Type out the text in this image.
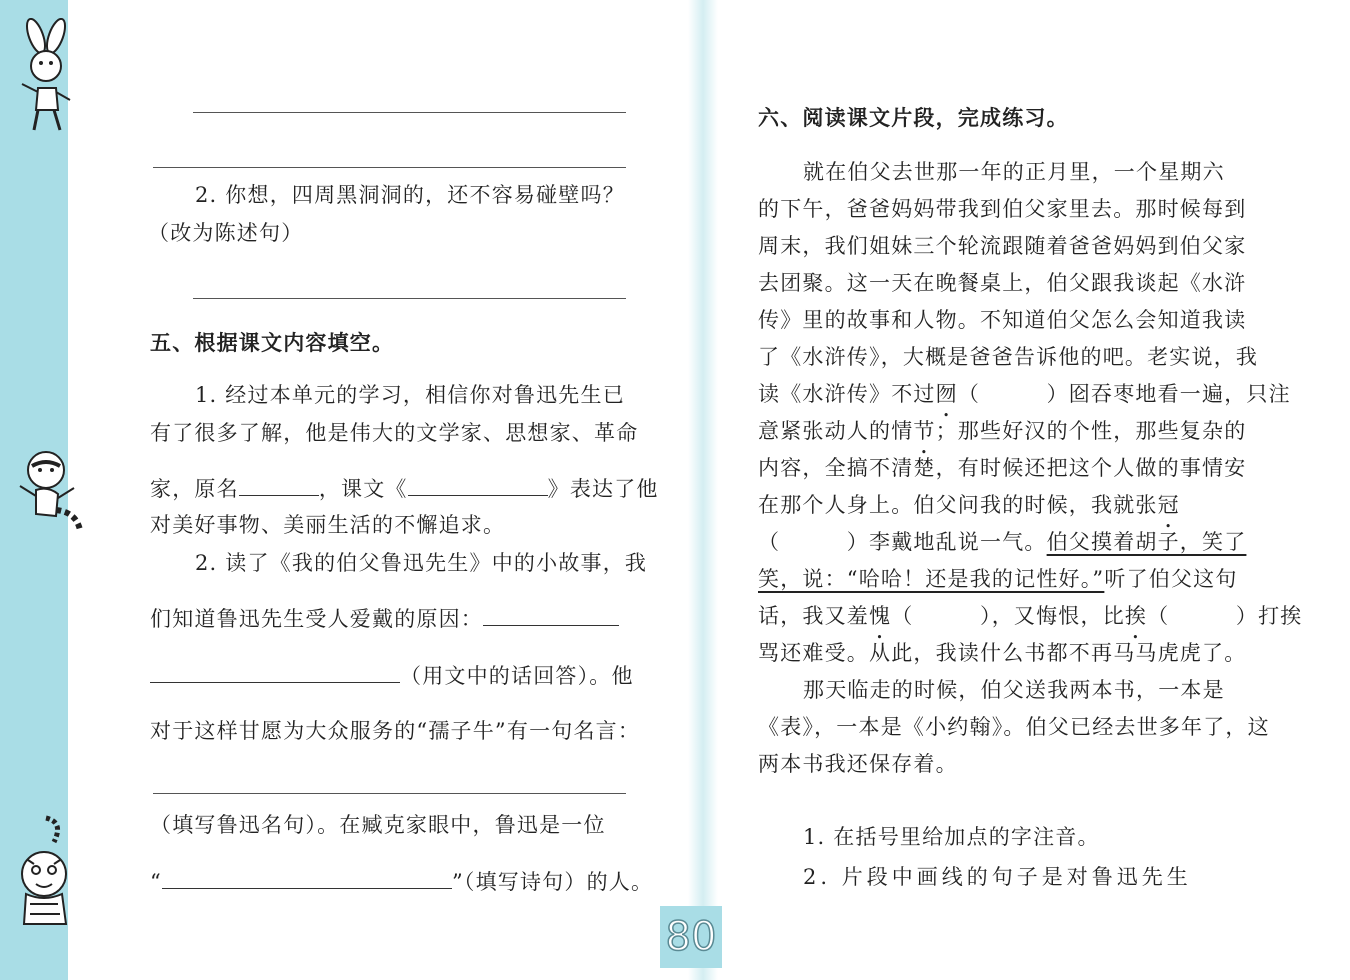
2. 你想，四周黑洞洞的，还不容易碰壁吗？
（改为陈述句）
五、根据课文内容填空。
1. 经过本单元的学习，相信你对鲁迅先生已
有了很多了解，他是伟大的文学家、思想家、革命
家，原名	，课文《	》表达了他
对美好事物、美丽生活的不懈追求。
2. 读了《我的伯父鲁迅先生》中的小故事，我
们知道鲁迅先生受人爱戴的原因：
（用文中的话回答）。他
对于这样甘愿为大众服务的“孺子牛”有一句名言：
（填写鲁迅名句）。在臧克家眼中，鲁迅是一位
“	”（填写诗句）的人。
六、阅读课文片段，完成练习。
就在伯父去世那一年的正月里，一个星期六
的下午，爸爸妈妈带我到伯父家里去。那时候每到
周末，我们姐妹三个轮流跟随着爸爸妈妈到伯父家
去团聚。这一天在晚餐桌上，伯父跟我谈起《水浒
传》里的故事和人物。不知道伯父怎么会知道我读
了《水浒传》，大概是爸爸告诉他的吧。老实说，我
读《水浒传》不过囫（　　　）囵吞枣地看一遍，只注
意紧张动人的情节；那些好汉的个性，那些复杂的
内容，全搞不清楚，有时候还把这个人做的事情安
在那个人身上。伯父问我的时候，我就张冠
（　　　）李戴地乱说一气。伯父摸着胡子，笑了
笑，说：“哈哈！还是我的记性好。”听了伯父这句
话，我又羞愧（　　　），又悔恨，比挨（　　　）打挨
骂还难受。从此，我读什么书都不再马马虎虎了。
那天临走的时候，伯父送我两本书，一本是
《表》，一本是《小约翰》。伯父已经去世多年了，这
两本书我还保存着。
1. 在括号里给加点的字注音。
2. 片段中画线的句子是对鲁迅先生
80
